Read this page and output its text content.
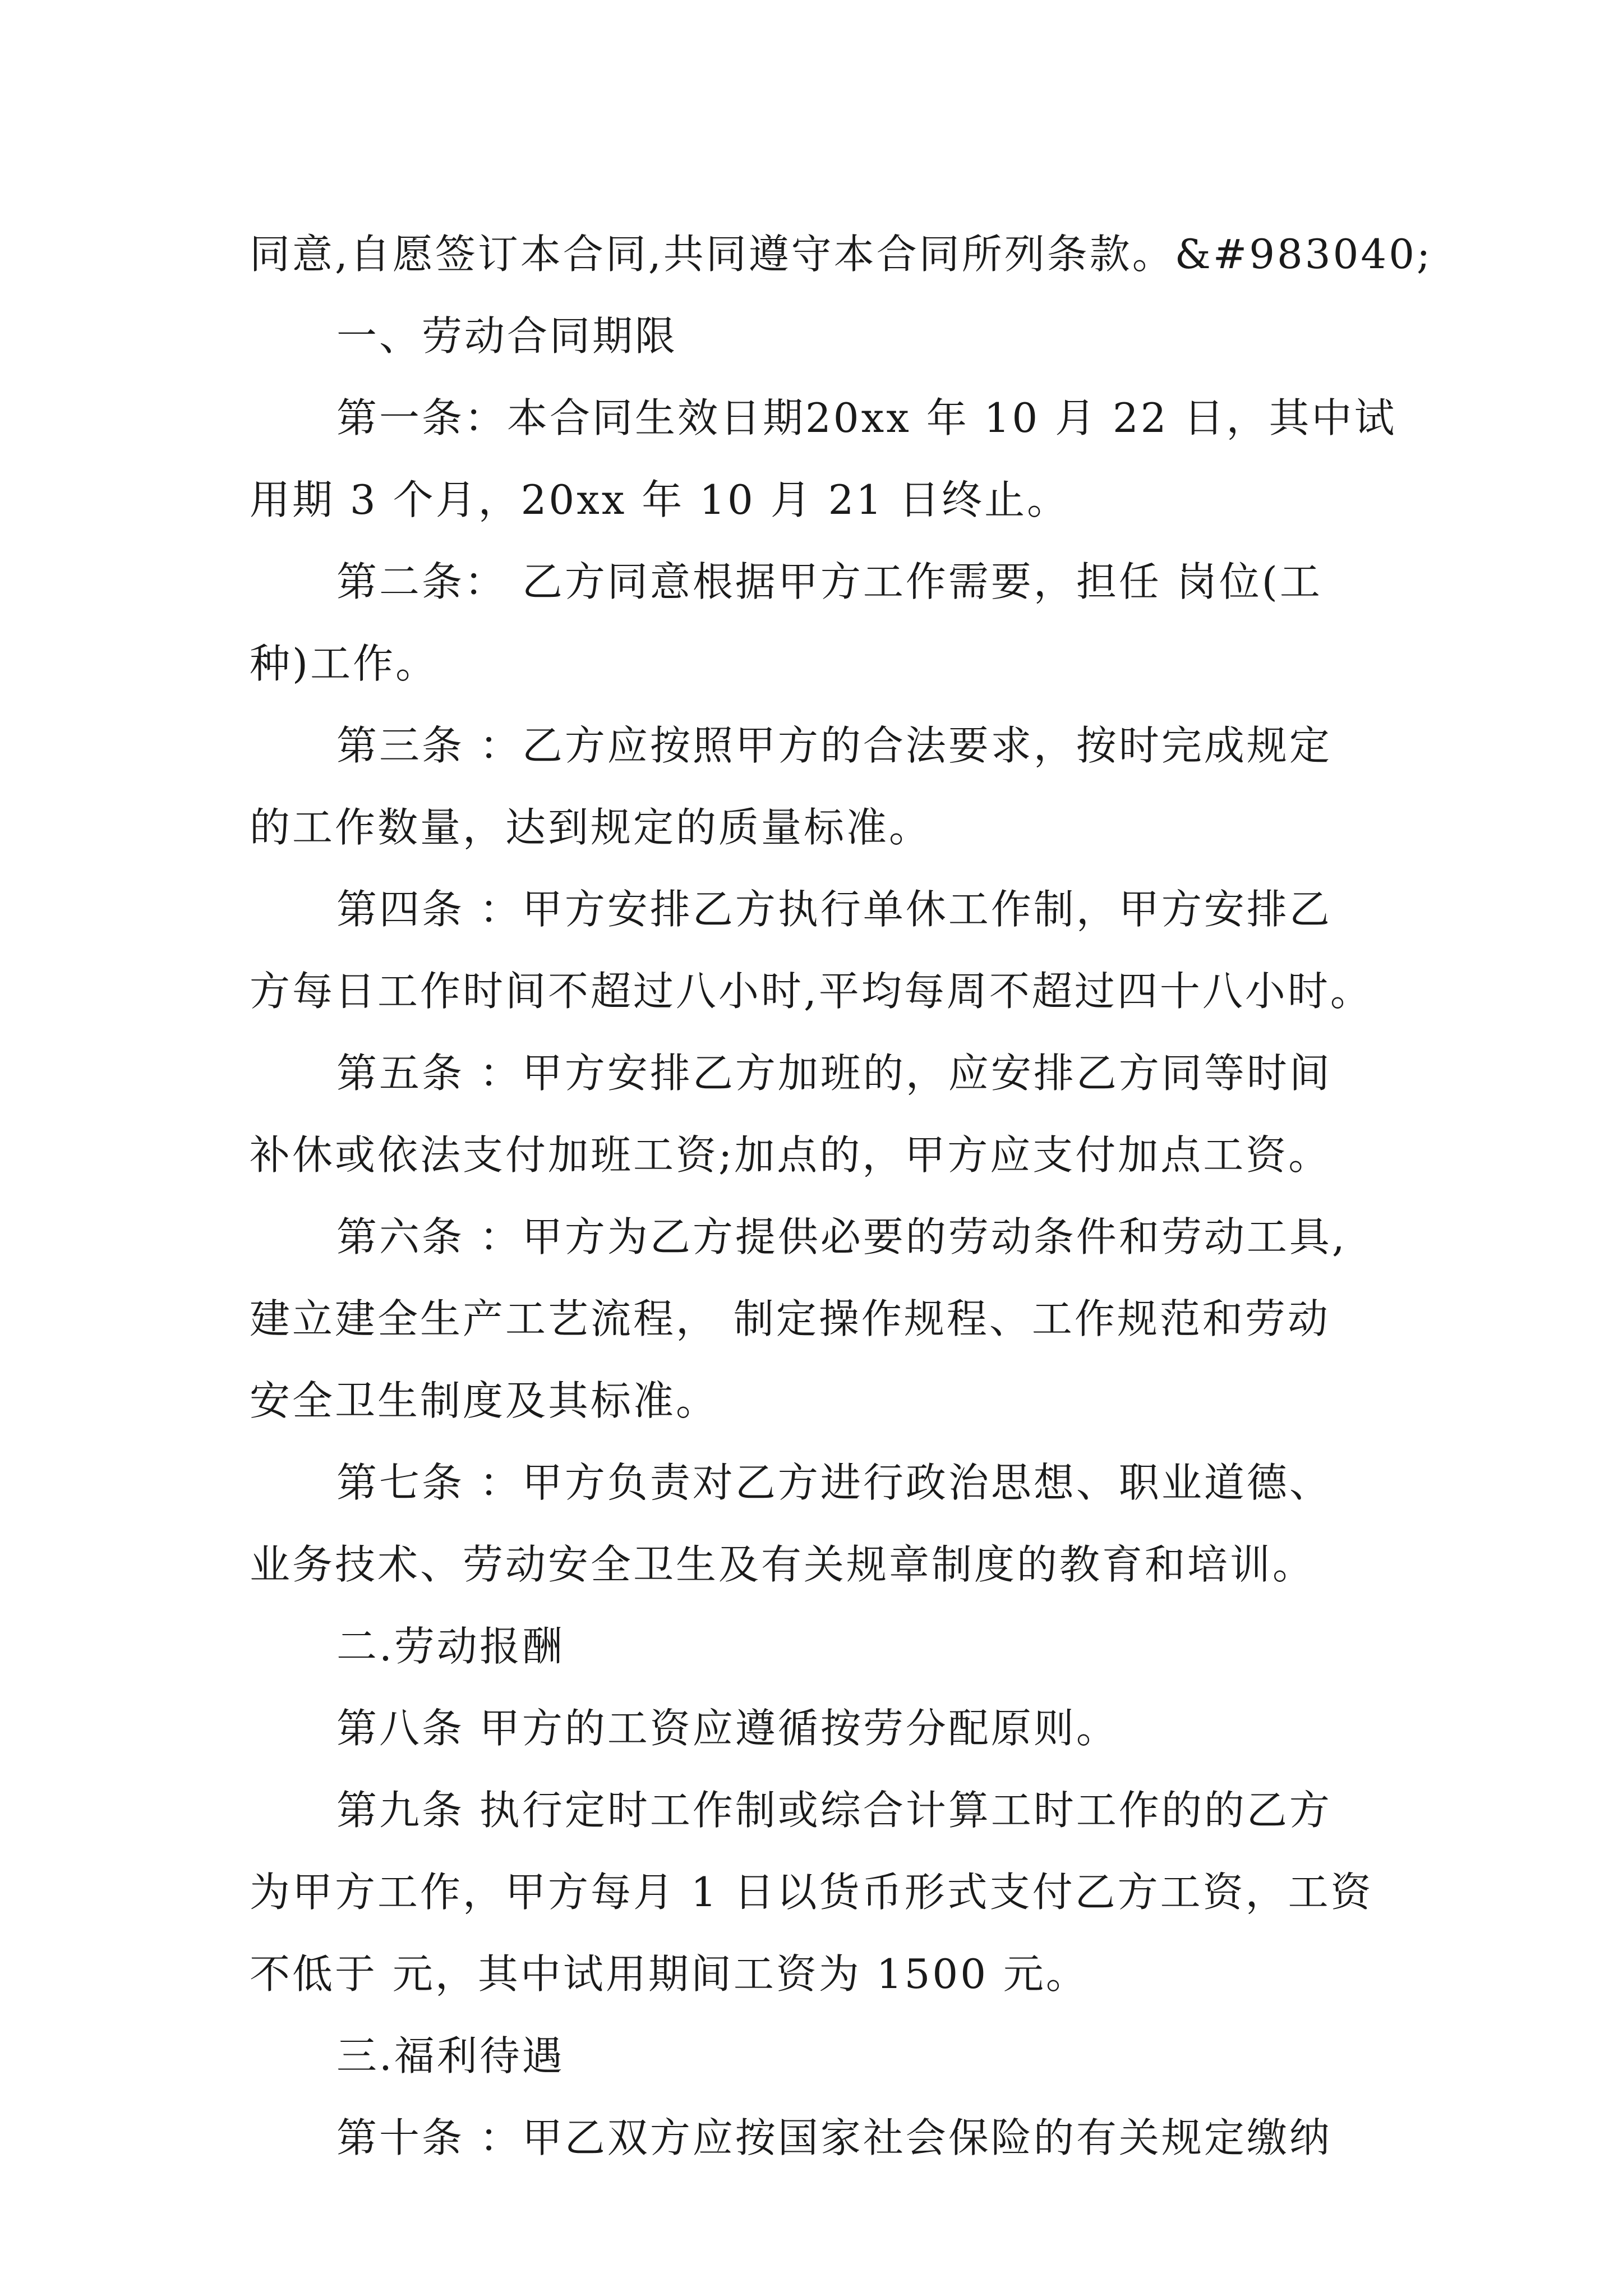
同意,自愿签订本合同,共同遵守本合同所列条款。&#983040;
一、劳动合同期限
第一条：本合同生效日期20xx 年 10 月 22 日，其中试
用期 3 个月，20xx 年 10 月 21 日终止。
第二条： 乙方同意根据甲方工作需要，担任 岗位(工
种)工作。
第三条 ：乙方应按照甲方的合法要求，按时完成规定
的工作数量，达到规定的质量标准。
第四条 ：甲方安排乙方执行单休工作制，甲方安排乙
方每日工作时间不超过八小时,平均每周不超过四十八小时。
第五条 ：甲方安排乙方加班的，应安排乙方同等时间
补休或依法支付加班工资;加点的，甲方应支付加点工资。
第六条 ：甲方为乙方提供必要的劳动条件和劳动工具,
建立建全生产工艺流程， 制定操作规程、工作规范和劳动
安全卫生制度及其标准。
第七条 ：甲方负责对乙方进行政治思想、职业道德、
业务技术、劳动安全卫生及有关规章制度的教育和培训。
二.劳动报酬
第八条 甲方的工资应遵循按劳分配原则。
第九条 执行定时工作制或综合计算工时工作的的乙方
为甲方工作，甲方每月 1 日以货币形式支付乙方工资，工资
不低于 元，其中试用期间工资为 1500 元。
三.福利待遇
第十条 ：甲乙双方应按国家社会保险的有关规定缴纳
